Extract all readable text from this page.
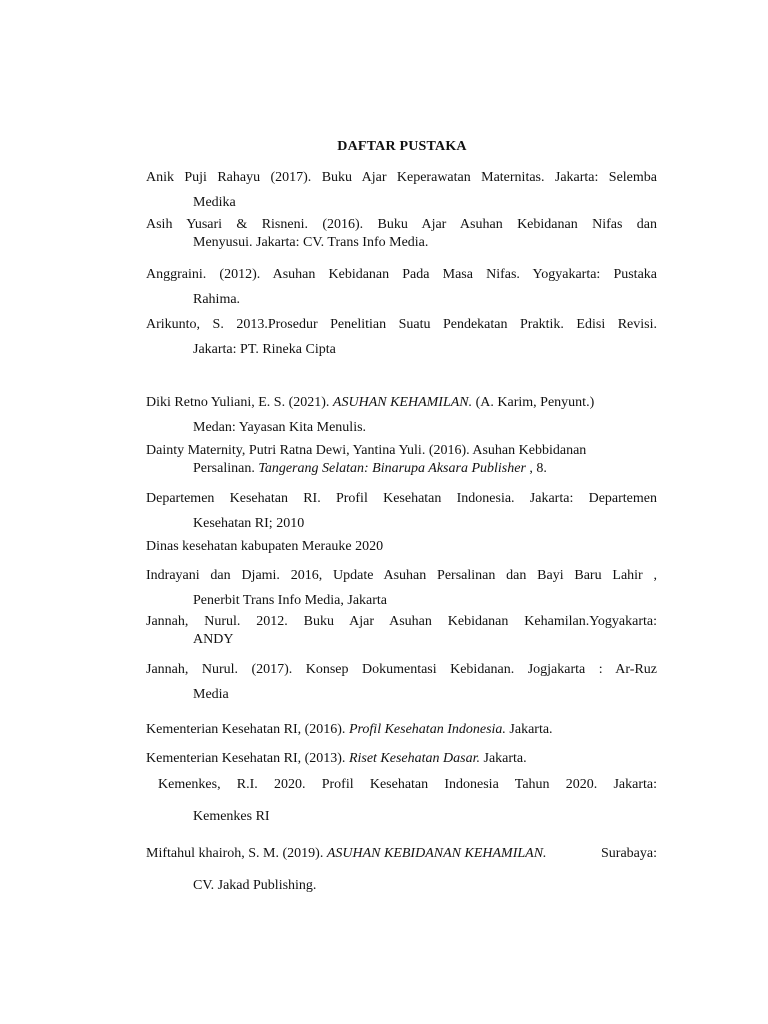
DAFTAR PUSTAKA
Anik Puji Rahayu (2017). Buku Ajar Keperawatan Maternitas. Jakarta: Selemba
Medika
Asih Yusari & Risneni. (2016). Buku Ajar Asuhan Kebidanan Nifas dan
Menyusui. Jakarta: CV. Trans Info Media.
Anggraini. (2012). Asuhan Kebidanan Pada Masa Nifas. Yogyakarta: Pustaka
Rahima.
Arikunto, S. 2013.Prosedur Penelitian Suatu Pendekatan Praktik. Edisi Revisi.
Jakarta: PT. Rineka Cipta
Diki Retno Yuliani, E. S. (2021). ASUHAN KEHAMILAN. (A. Karim, Penyunt.)
Medan: Yayasan Kita Menulis.
Dainty Maternity, Putri Ratna Dewi, Yantina Yuli. (2016). Asuhan Kebbidanan
Persalinan. Tangerang Selatan: Binarupa Aksara Publisher , 8.
Departemen Kesehatan RI. Profil Kesehatan Indonesia. Jakarta: Departemen
Kesehatan RI; 2010
Dinas kesehatan kabupaten Merauke 2020
Indrayani dan Djami. 2016, Update Asuhan Persalinan dan Bayi Baru Lahir ,
Penerbit Trans Info Media, Jakarta
Jannah, Nurul. 2012. Buku Ajar Asuhan Kebidanan Kehamilan.Yogyakarta:
ANDY
Jannah, Nurul. (2017). Konsep Dokumentasi Kebidanan. Jogjakarta : Ar-Ruz
Media
Kementerian Kesehatan RI, (2016). Profil Kesehatan Indonesia. Jakarta.
Kementerian Kesehatan RI, (2013). Riset Kesehatan Dasar. Jakarta.
Kemenkes, R.I. 2020. Profil Kesehatan Indonesia Tahun 2020. Jakarta:
Kemenkes RI
Miftahul khairoh, S. M. (2019). ASUHAN KEBIDANAN KEHAMILAN.	Surabaya:
CV. Jakad Publishing.
